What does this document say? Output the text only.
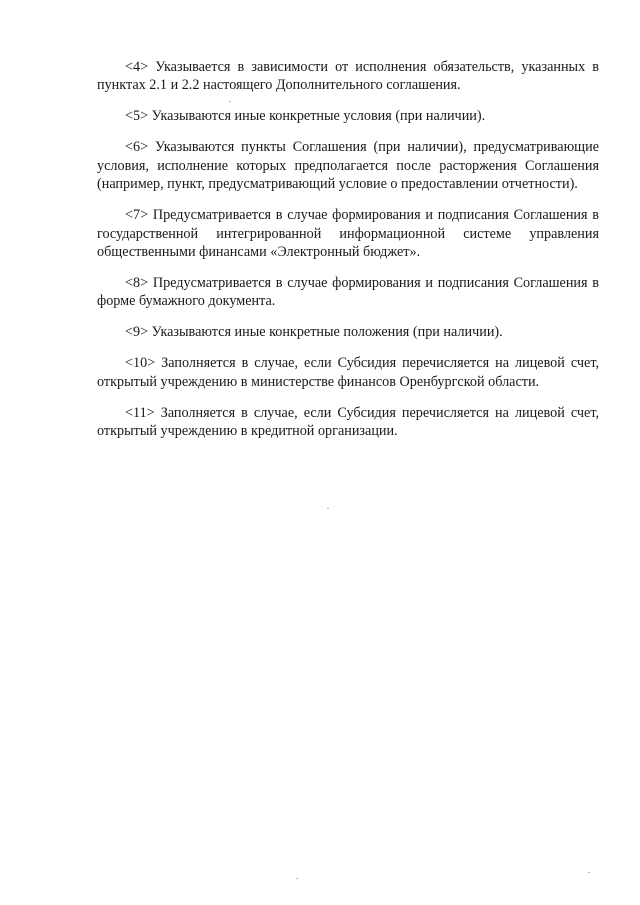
<4> Указывается в зависимости от исполнения обязательств, указанных в пунктах 2.1 и 2.2 настоящего Дополнительного соглашения.

<5> Указываются иные конкретные условия (при наличии).

<6> Указываются пункты Соглашения (при наличии), предусматривающие условия, исполнение которых предполагается после расторжения Соглашения (например, пункт, предусматривающий условие о предоставлении отчетности).

<7> Предусматривается в случае формирования и подписания Соглашения в государственной интегрированной информационной системе управления общественными финансами «Электронный бюджет».

<8> Предусматривается в случае формирования и подписания Соглашения в форме бумажного документа.

<9> Указываются иные конкретные положения (при наличии).

<10> Заполняется в случае, если Субсидия перечисляется на лицевой счет, открытый учреждению в министерстве финансов Оренбургской области.

<11> Заполняется в случае, если Субсидия перечисляется на лицевой счет, открытый учреждению в кредитной организации.
